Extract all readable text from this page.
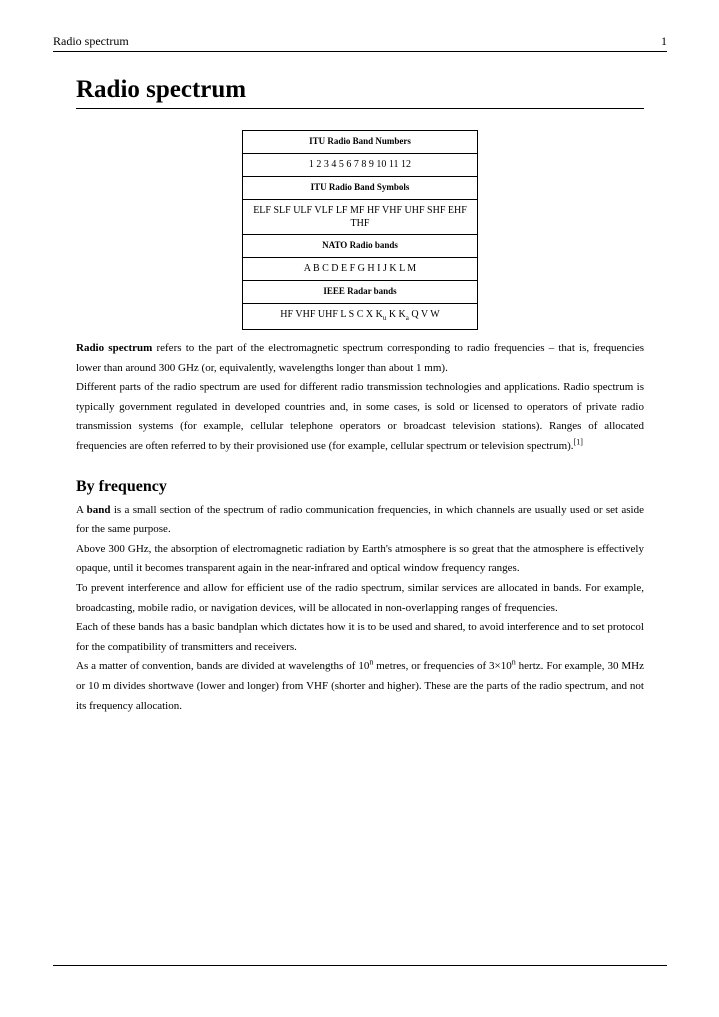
Radio spectrum	1
Radio spectrum
ITU Radio Band Numbers
1 2 3 4 5 6 7 8 9 10 11 12
ITU Radio Band Symbols
ELF SLF ULF VLF LF MF HF VHF UHF SHF EHF THF
NATO Radio bands
A B C D E F G H I J K L M
IEEE Radar bands
HF VHF UHF L S C X $K_u$ K $K_a$ Q V W

Radio spectrum refers to the part of the electromagnetic spectrum corresponding to radio frequencies – that is, frequencies lower than around 300 GHz (or, equivalently, wavelengths longer than about 1 mm).

Different parts of the radio spectrum are used for different radio transmission technologies and applications. Radio spectrum is typically government regulated in developed countries and, in some cases, is sold or licensed to operators of private radio transmission systems (for example, cellular telephone operators or broadcast television stations). Ranges of allocated frequencies are often referred to by their provisioned use (for example, cellular spectrum or television spectrum).[1]

By frequency

A band is a small section of the spectrum of radio communication frequencies, in which channels are usually used or set aside for the same purpose.

Above 300 GHz, the absorption of electromagnetic radiation by Earth's atmosphere is so great that the atmosphere is effectively opaque, until it becomes transparent again in the near-infrared and optical window frequency ranges.

To prevent interference and allow for efficient use of the radio spectrum, similar services are allocated in bands. For example, broadcasting, mobile radio, or navigation devices, will be allocated in non-overlapping ranges of frequencies.

Each of these bands has a basic bandplan which dictates how it is to be used and shared, to avoid interference and to set protocol for the compatibility of transmitters and receivers.

As a matter of convention, bands are divided at wavelengths of 10$^n$ metres, or frequencies of $3\times 10^n$ hertz. For example, 30 MHz or 10 m divides shortwave (lower and longer) from VHF (shorter and higher). These are the parts of the radio spectrum, and not its frequency allocation.
